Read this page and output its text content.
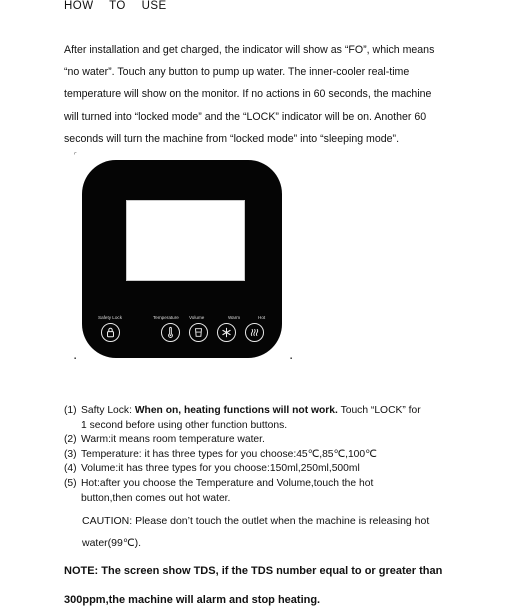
HOW TO USE

After installation and get charged, the indicator will show as “FO”, which means
“no water”. Touch any button to pump up water. The inner-cooler real-time
temperature will show on the monitor. If no actions in 60 seconds, the machine
will turned into “locked mode” and the “LOCK” indicator will be on. Another 60
seconds will turn the machine from “locked mode” into “sleeping mode”.

⌜
▪	▪
Safety Lock	Temperature Volume	Warm	Hot
(1) Safty Lock: When on, heating functions will not work. Touch “LOCK” for
1 second before using other function buttons.
(2) Warm:it means room temperature water.
(3) Temperature: it has three types for you choose:45℃,85℃,100℃
(4) Volume:it has three types for you choose:150ml,250ml,500ml
(5) Hot:after you choose the Temperature and Volume,touch the hot
button,then comes out hot water.
CAUTION: Please don’t touch the outlet when the machine is releasing hot
water(99℃).
NOTE: The screen show TDS, if the TDS number equal to or greater than
300ppm,the machine will alarm and stop heating.
